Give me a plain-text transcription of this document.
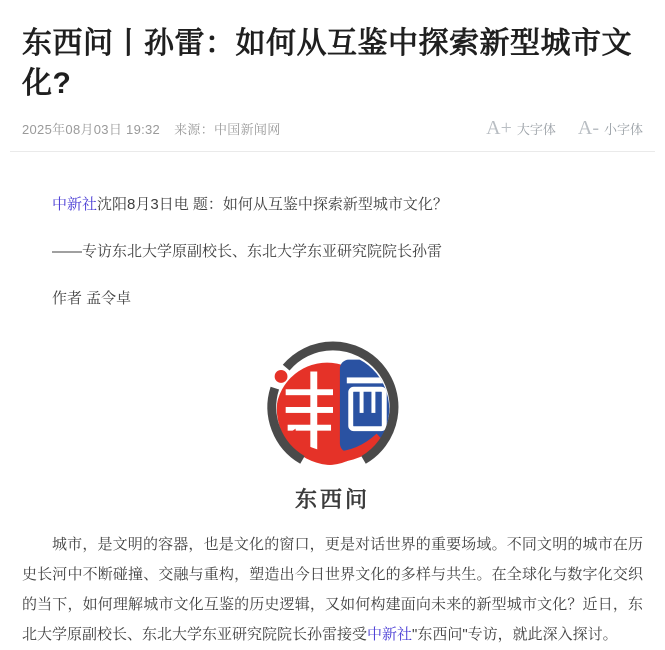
东西问丨孙雷：如何从互鉴中探索新型城市文化?
2025年08月03日 19:32 来源：中国新闻网	A+ 大字体 A- 小字体

中新社沈阳8月3日电 题：如何从互鉴中探索新型城市文化？

——专访东北大学原副校长、东北大学东亚研究院院长孙雷

作者 孟令卓

东西问

城市，是文明的容器，也是文化的窗口，更是对话世界的重要场域。不同文明的城市在历史长河中不断碰撞、交融与重构，塑造出今日世界文化的多样与共生。在全球化与数字化交织的当下，如何理解城市文化互鉴的历史逻辑，又如何构建面向未来的新型城市文化？近日，东北大学原副校长、东北大学东亚研究院院长孙雷接受中新社"东西问"专访，就此深入探讨。
